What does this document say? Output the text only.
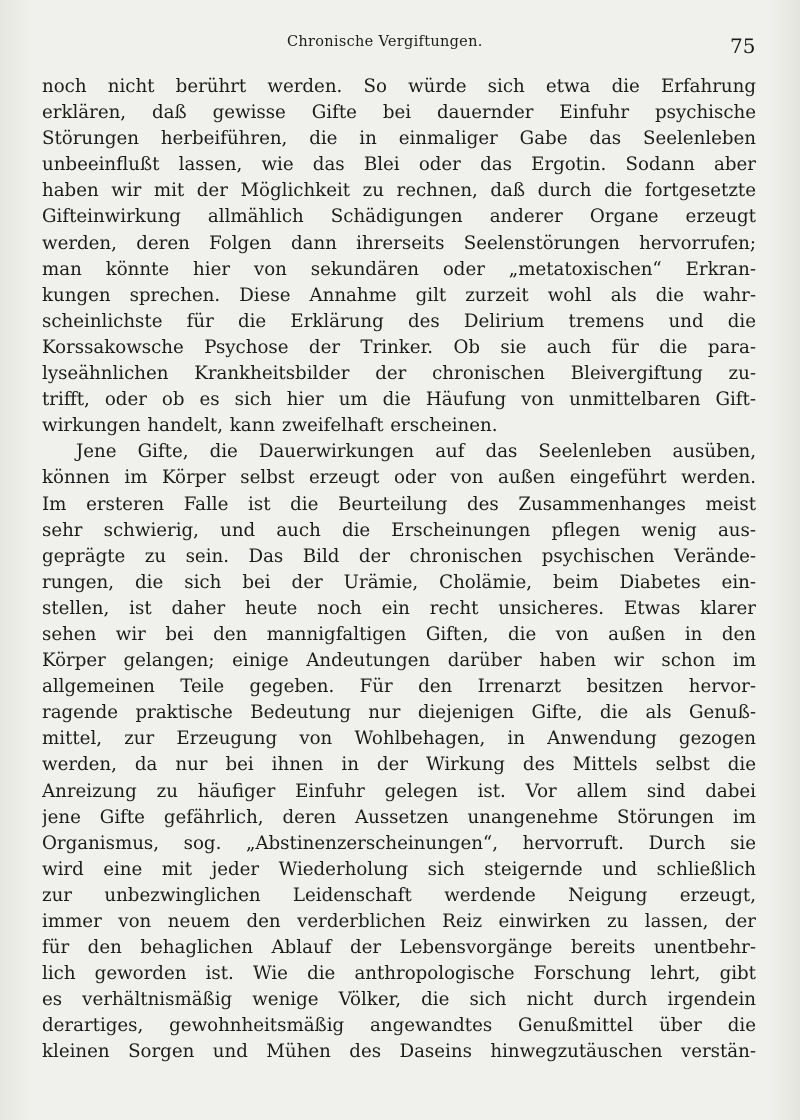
Chronische Vergiftungen.	75
noch nicht berührt werden. So würde sich etwa die Erfahrung
erklären, daß gewisse Gifte bei dauernder Einfuhr psychische
Störungen herbeiführen, die in einmaliger Gabe das Seelenleben
unbeeinflußt lassen, wie das Blei oder das Ergotin. Sodann aber
haben wir mit der Möglichkeit zu rechnen, daß durch die fortgesetzte
Gifteinwirkung allmählich Schädigungen anderer Organe erzeugt
werden, deren Folgen dann ihrerseits Seelenstörungen hervorrufen;
man könnte hier von sekundären oder „metatoxischen“ Erkran-
kungen sprechen. Diese Annahme gilt zurzeit wohl als die wahr-
scheinlichste für die Erklärung des Delirium tremens und die
Korssakowsche Psychose der Trinker. Ob sie auch für die para-
lyseähnlichen Krankheitsbilder der chronischen Bleivergiftung zu-
trifft, oder ob es sich hier um die Häufung von unmittelbaren Gift-
wirkungen handelt, kann zweifelhaft erscheinen.
Jene Gifte, die Dauerwirkungen auf das Seelenleben ausüben,
können im Körper selbst erzeugt oder von außen eingeführt werden.
Im ersteren Falle ist die Beurteilung des Zusammenhanges meist
sehr schwierig, und auch die Erscheinungen pflegen wenig aus-
geprägte zu sein. Das Bild der chronischen psychischen Verände-
rungen, die sich bei der Urämie, Cholämie, beim Diabetes ein-
stellen, ist daher heute noch ein recht unsicheres. Etwas klarer
sehen wir bei den mannigfaltigen Giften, die von außen in den
Körper gelangen; einige Andeutungen darüber haben wir schon im
allgemeinen Teile gegeben. Für den Irrenarzt besitzen hervor-
ragende praktische Bedeutung nur diejenigen Gifte, die als Genuß-
mittel, zur Erzeugung von Wohlbehagen, in Anwendung gezogen
werden, da nur bei ihnen in der Wirkung des Mittels selbst die
Anreizung zu häufiger Einfuhr gelegen ist. Vor allem sind dabei
jene Gifte gefährlich, deren Aussetzen unangenehme Störungen im
Organismus, sog. „Abstinenzerscheinungen“, hervorruft. Durch sie
wird eine mit jeder Wiederholung sich steigernde und schließlich
zur unbezwinglichen Leidenschaft werdende Neigung erzeugt,
immer von neuem den verderblichen Reiz einwirken zu lassen, der
für den behaglichen Ablauf der Lebensvorgänge bereits unentbehr-
lich geworden ist. Wie die anthropologische Forschung lehrt, gibt
es verhältnismäßig wenige Völker, die sich nicht durch irgendein
derartiges, gewohnheitsmäßig angewandtes Genußmittel über die
kleinen Sorgen und Mühen des Daseins hinwegzutäuschen verstän-
